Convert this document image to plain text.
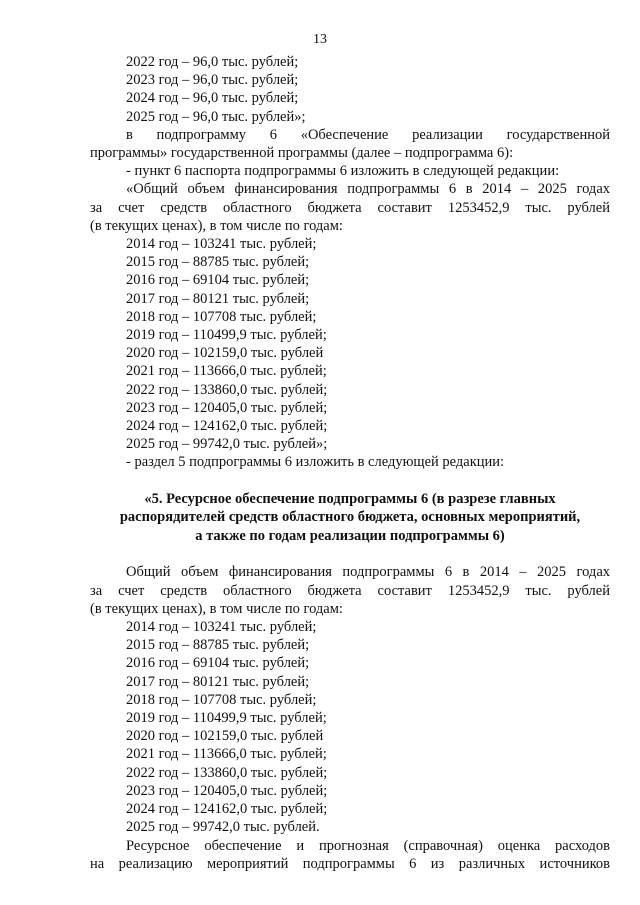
13
2022 год – 96,0 тыс. рублей;
2023 год – 96,0 тыс. рублей;
2024 год – 96,0 тыс. рублей;
2025 год – 96,0 тыс. рублей»;
в подпрограмму 6 «Обеспечение реализации государственной
программы» государственной программы (далее – подпрограмма 6):
- пункт 6 паспорта подпрограммы 6 изложить в следующей редакции:
«Общий объем финансирования подпрограммы 6 в 2014 – 2025 годах
за счет средств областного бюджета составит 1253452,9 тыс. рублей
(в текущих ценах), в том числе по годам:
2014 год – 103241 тыс. рублей;
2015 год – 88785 тыс. рублей;
2016 год – 69104 тыс. рублей;
2017 год – 80121 тыс. рублей;
2018 год – 107708 тыс. рублей;
2019 год – 110499,9 тыс. рублей;
2020 год – 102159,0 тыс. рублей
2021 год – 113666,0 тыс. рублей;
2022 год – 133860,0 тыс. рублей;
2023 год – 120405,0 тыс. рублей;
2024 год – 124162,0 тыс. рублей;
2025 год – 99742,0 тыс. рублей»;
- раздел 5 подпрограммы 6 изложить в следующей редакции:
«5. Ресурсное обеспечение подпрограммы 6 (в разрезе главных
распорядителей средств областного бюджета, основных мероприятий,
а также по годам реализации подпрограммы 6)
Общий объем финансирования подпрограммы 6 в 2014 – 2025 годах
за счет средств областного бюджета составит 1253452,9 тыс. рублей
(в текущих ценах), в том числе по годам:
2014 год – 103241 тыс. рублей;
2015 год – 88785 тыс. рублей;
2016 год – 69104 тыс. рублей;
2017 год – 80121 тыс. рублей;
2018 год – 107708 тыс. рублей;
2019 год – 110499,9 тыс. рублей;
2020 год – 102159,0 тыс. рублей
2021 год – 113666,0 тыс. рублей;
2022 год – 133860,0 тыс. рублей;
2023 год – 120405,0 тыс. рублей;
2024 год – 124162,0 тыс. рублей;
2025 год – 99742,0 тыс. рублей.
Ресурсное обеспечение и прогнозная (справочная) оценка расходов
на реализацию мероприятий подпрограммы 6 из различных источников
